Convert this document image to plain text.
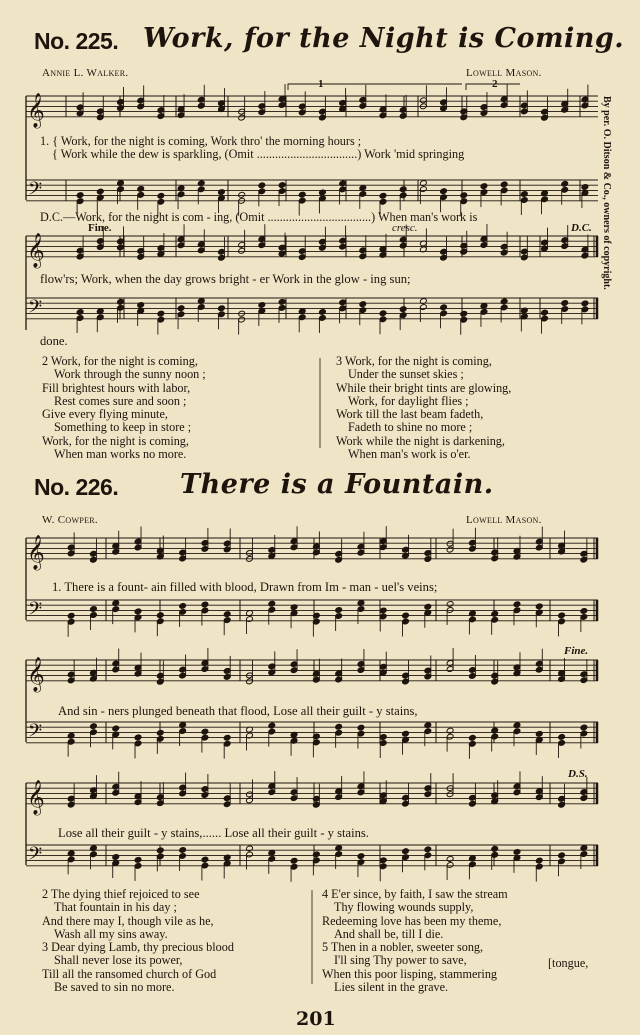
𝄞
𝄢
𝄞
𝄢
𝄞
𝄢
𝄞
𝄢
𝄞
𝄢
No. 225. Work, for the Night is Coming.
Annie L. Walker.	Lowell Mason.
1	2
1. { Work, for the night is coming, Work thro' the morning hours ;
{ Work while the dew is sparkling, (Omit .................................) Work 'mid springing
D.C.—Work, for the night is com - ing, (Omit ..................................) When man's work is
Fine.	cresc.	D.C.
flow'rs; Work, when the day grows bright - er Work in the glow - ing sun;
done.
By per. O. Ditson & Co., owners of copyright.
2 Work, for the night is coming,
Work through the sunny noon ;
Fill brightest hours with labor,
Rest comes sure and soon ;
Give every flying minute,
Something to keep in store ;
Work, for the night is coming,
When man works no more.
3 Work, for the night is coming,
Under the sunset skies ;
While their bright tints are glowing,
Work, for daylight flies ;
Work till the last beam fadeth,
Fadeth to shine no more ;
Work while the night is darkening,
When man's work is o'er.
No. 226. There is a Fountain.
W. Cowper.	Lowell Mason.
1. There is a fount- ain filled with blood, Drawn from Im - man - uel's veins;
Fine.
And sin - ners plunged beneath that flood, Lose all their guilt - y stains,
D.S.
Lose all their guilt - y stains,...... Lose all their guilt - y stains.
2 The dying thief rejoiced to see
That fountain in his day ;
And there may I, though vile as he,
Wash all my sins away.
3 Dear dying Lamb, thy precious blood
Shall never lose its power,
Till all the ransomed church of God
Be saved to sin no more.
4 E'er since, by faith, I saw the stream
Thy flowing wounds supply,
Redeeming love has been my theme,
And shall be, till I die.
5 Then in a nobler, sweeter song,
I'll sing Thy power to save,
When this poor lisping, stammering
Lies silent in the grave.
[tongue,
201
